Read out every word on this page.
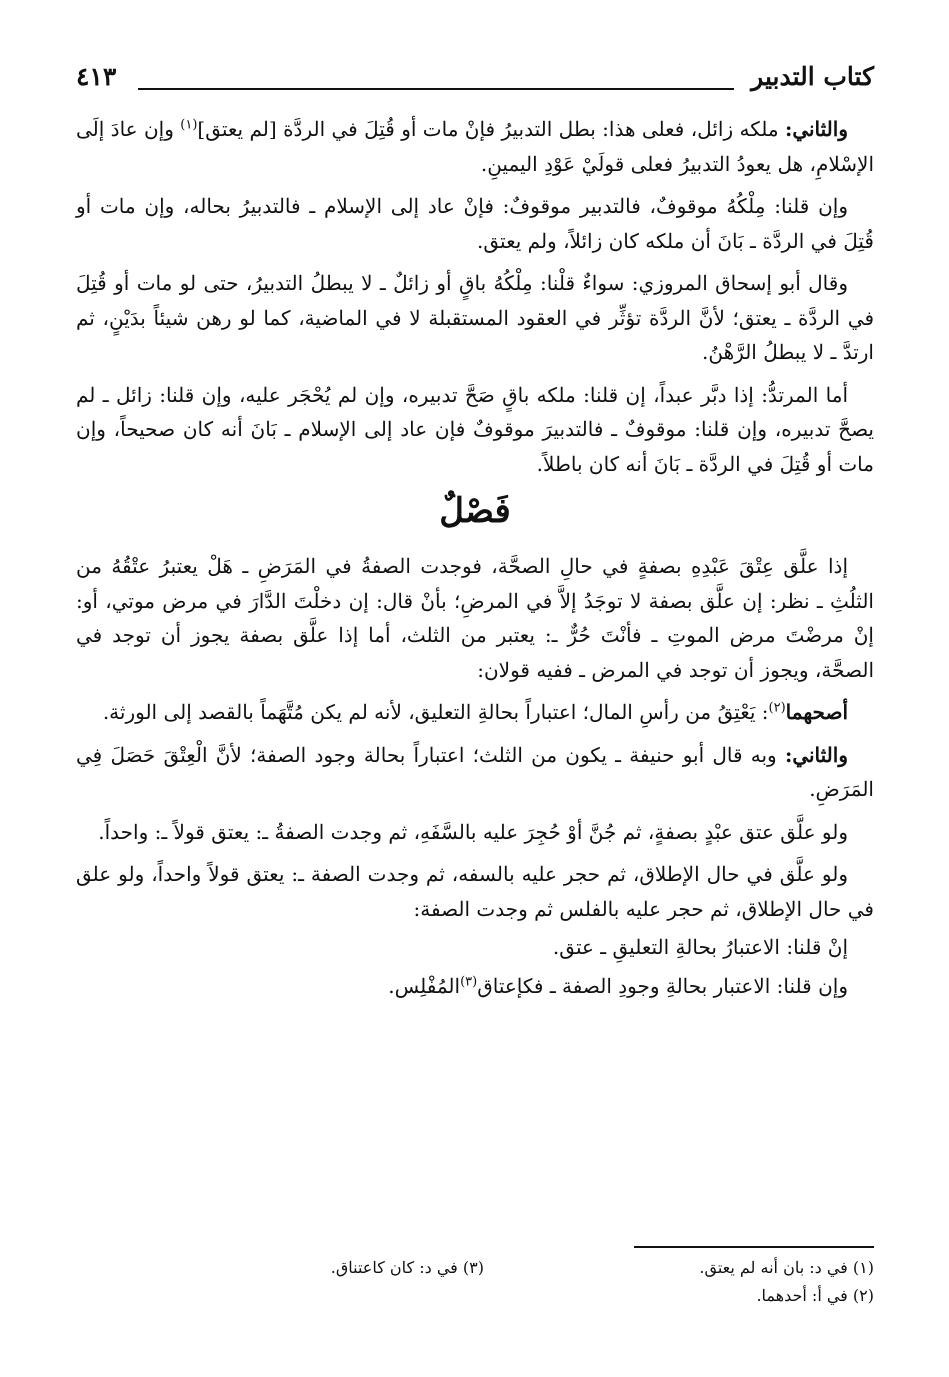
كتاب التدبير
٤١٣

والثاني: ملكه زائل، فعلى هذا: بطل التدبيرُ فإنْ مات أو قُتِلَ في الردَّة [لم يعتق]$^{(١)}$ وإن عادَ إلَى الإسْلامِ، هل يعودُ التدبيرُ فعلى قولَيْ عَوْدِ اليمينِ.

وإن قلنا: مِلْكُهُ موقوفٌ، فالتدبير موقوفٌ: فإنْ عاد إلى الإسلام ـ فالتدبيرُ بحاله، وإن مات أو قُتِلَ في الردَّة ـ بَانَ أن ملكه كان زائلاً، ولم يعتق.

وقال أبو إسحاق المروزي: سواءٌ قلْنا: مِلْكُهُ باقٍ أو زائلٌ ـ لا يبطلُ التدبيرُ، حتى لو مات أو قُتِلَ في الردَّة ـ يعتق؛ لأنَّ الردَّة تؤثِّر في العقود المستقبلة لا في الماضية، كما لو رهن شيئاً بدَيْنٍ، ثم ارتدَّ ـ لا يبطلُ الرَّهْنُ.

أما المرتدُّ: إذا دبَّر عبداً، إن قلنا: ملكه باقٍ صَحَّ تدبيره، وإن لم يُحْجَر عليه، وإن قلنا: زائل ـ لم يصحَّ تدبيره، وإن قلنا: موقوفٌ ـ فالتدبيرَ موقوفٌ فإن عاد إلى الإسلام ـ بَانَ أنه كان صحيحاً، وإن مات أو قُتِلَ في الردَّة ـ بَانَ أنه كان باطلاً.

فَصْلٌ

إذا علَّق عِتْقَ عَبْدِهِ بصفةٍ في حالِ الصحَّة، فوجدت الصفةُ في المَرَضِ ـ هَلْ يعتبرُ عتْقُهُ من الثلُثِ ـ نظر: إن علَّق بصفة لا توجَدُ إلاَّ في المرضِ؛ بأنْ قال: إن دخلْتَ الدَّارَ في مرض موتي، أو: إنْ مرضْتَ مرض الموتِ ـ فأنْتَ حُرٌّ ـ: يعتبر من الثلث، أما إذا علَّق بصفة يجوز أن توجد في الصحَّة، ويجوز أن توجد في المرض ـ ففيه قولان:

أصحهما$^{(٢)}$: يَعْتِقُ من رأسِ المال؛ اعتباراً بحالةِ التعليق، لأنه لم يكن مُتَّهَماً بالقصد إلى الورثة.

والثاني: وبه قال أبو حنيفة ـ يكون من الثلث؛ اعتباراً بحالة وجود الصفة؛ لأنَّ الْعِتْقَ حَصَلَ فِي المَرَضِ.

ولو علَّق عتق عبْدٍ بصفةٍ، ثم جُنَّ أوْ حُجِرَ عليه بالسَّفَهِ، ثم وجدت الصفةُ ـ: يعتق قولاً ـ: واحداً.

ولو علَّق في حال الإطلاق، ثم حجر عليه بالسفه، ثم وجدت الصفة ـ: يعتق قولاً واحداً، ولو علق في حال الإطلاق، ثم حجر عليه بالفلس ثم وجدت الصفة:

إنْ قلنا: الاعتبارُ بحالةِ التعليقِ ـ عتق.

وإن قلنا: الاعتبار بحالةِ وجودِ الصفة ـ فكإعتاق$^{(٣)}$المُفْلِس.

(١) في د: بان أنه لم يعتق.
(٣) في د: كان كاعتناق.
(٢) في أ: أحدهما.
